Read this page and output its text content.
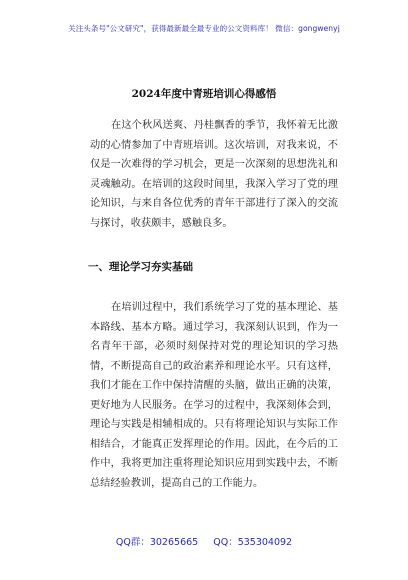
关注头条号"公文研究"，获得最新最全最专业的公文资料库！ 微信：gongwenyj
2024年度中青班培训心得感悟

在这个秋风送爽、丹桂飘香的季节，我怀着无比激动的心情参加了中青班培训。这次培训，对我来说，不仅是一次难得的学习机会，更是一次深刻的思想洗礼和灵魂触动。在培训的这段时间里，我深入学习了党的理论知识，与来自各位优秀的青年干部进行了深入的交流与探讨，收获颇丰，感触良多。

一、理论学习夯实基础

在培训过程中，我们系统学习了党的基本理论、基本路线、基本方略。通过学习，我深刻认识到，作为一名青年干部，必须时刻保持对党的理论知识的学习热情，不断提高自己的政治素养和理论水平。只有这样，我们才能在工作中保持清醒的头脑，做出正确的决策，更好地为人民服务。在学习的过程中，我深刻体会到，理论与实践是相辅相成的。只有将理论知识与实际工作相结合，才能真正发挥理论的作用。因此，在今后的工作中，我将更加注重将理论知识应用到实践中去，不断总结经验教训，提高自己的工作能力。

QQ群：30265665 QQ：535304092
